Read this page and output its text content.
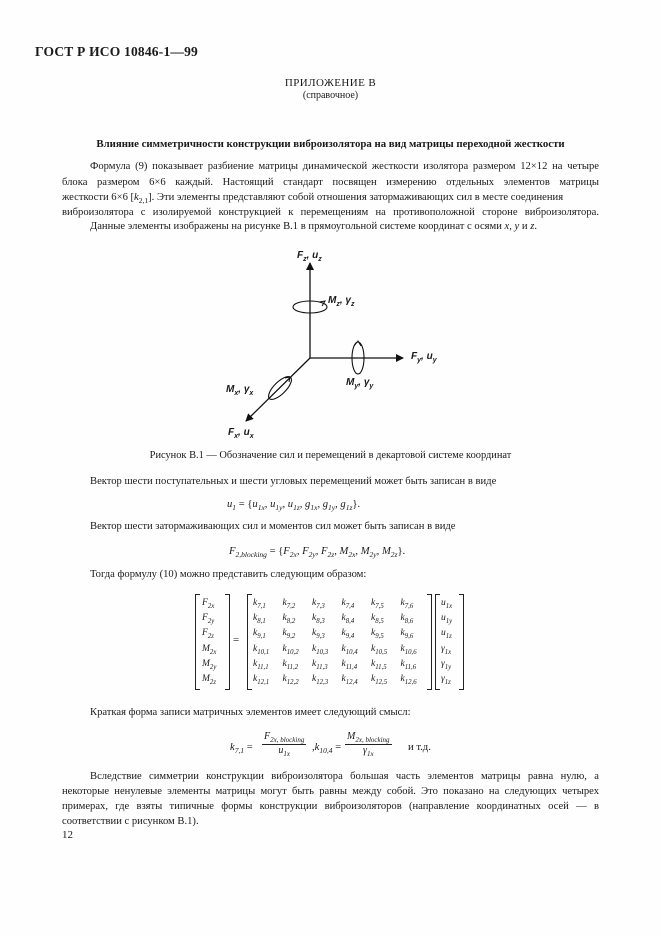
ГОСТ Р ИСО 10846-1—99
ПРИЛОЖЕНИЕ В
(справочное)
Влияние симметричности конструкции виброизолятора на вид матрицы переходной жесткости
Формула (9) показывает разбиение матрицы динамической жесткости изолятора размером 12×12 на четыре
блока размером 6×6 каждый. Настоящий стандарт посвящен измерению отдельных элементов матрицы
жесткости 6×6 $[k_{2,1}]$. Эти элементы представляют собой отношения затормаживающих сил в месте соединения
виброизолятора с изолируемой конструкцией к перемещениям на противоположной стороне виброизолятора.
Данные элементы изображены на рисунке В.1 в прямоугольной системе координат с осями x, y и z.
$F_z$, $u_z$
$M_z$, $\gamma_z$
$F_y$, $u_y$
$M_y$, $\gamma_y$
$M_x$, $\gamma_x$
$F_x$, $u_x$
Рисунок В.1 — Обозначение сил и перемещений в декартовой системе координат
Вектор шести поступательных и шести угловых перемещений может быть записан в виде
$u_1 = \{u_{1x}$, $u_{1y}$, $u_{1z}$, $g_{1x}$, $g_{1y}$, $g_{1z}$}.
Вектор шести затормаживающих сил и моментов сил может быть записан в виде
$F_{2,blocking} = \{F_{2x}$, $F_{2y}$, $F_{2z}$, $M_{2x}$, $M_{2y}$, $M_{2z}$}.
Тогда формулу (10) можно представить следующим образом:
$F_{2x}$
$F_{2y}$
$F_{2z}$
$M_{2x}$
$M_{2y}$
$M_{2z}$
=
$k_{7,1}$ $k_{7,2}$ $k_{7,3}$ $k_{7,4}$ $k_{7,5}$ $k_{7,6}$
$k_{8,1}$ $k_{8,2}$ $k_{8,3}$ $k_{8,4}$ $k_{8,5}$ $k_{8,6}$
$k_{9,1}$ $k_{9,2}$ $k_{9,3}$ $k_{9,4}$ $k_{9,5}$ $k_{9,6}$
$k_{10,1}$ $k_{10,2}$ $k_{10,3}$ $k_{10,4}$ $k_{10,5}$ $k_{10,6}$
$k_{11,1}$ $k_{11,2}$ $k_{11,3}$ $k_{11,4}$ $k_{11,5}$ $k_{11,6}$
$k_{12,1}$ $k_{12,2}$ $k_{12,3}$ $k_{12,4}$ $k_{12,5}$ $k_{12,6}$
$u_{1x}$
$u_{1y}$
$u_{1z}$
$\gamma_{1x}$
$\gamma_{1y}$
$\gamma_{1z}$
Краткая форма записи матричных элементов имеет следующий смысл:
$k_{7,1}$ =
$F_{2x, blocking}$
$u_{1x}$
$,k_{10,4}$ =
$M_{2x, blocking}$
$\gamma_{1x}$
и т.д.
Вследствие симметрии конструкции виброизолятора большая часть элементов матрицы равна нулю, а
некоторые ненулевые элементы матрицы могут быть равны между собой. Это показано на следующих четырех
примерах, где взяты типичные формы конструкции виброизоляторов (направление координатных осей — в
соответствии с рисунком В.1).
12
